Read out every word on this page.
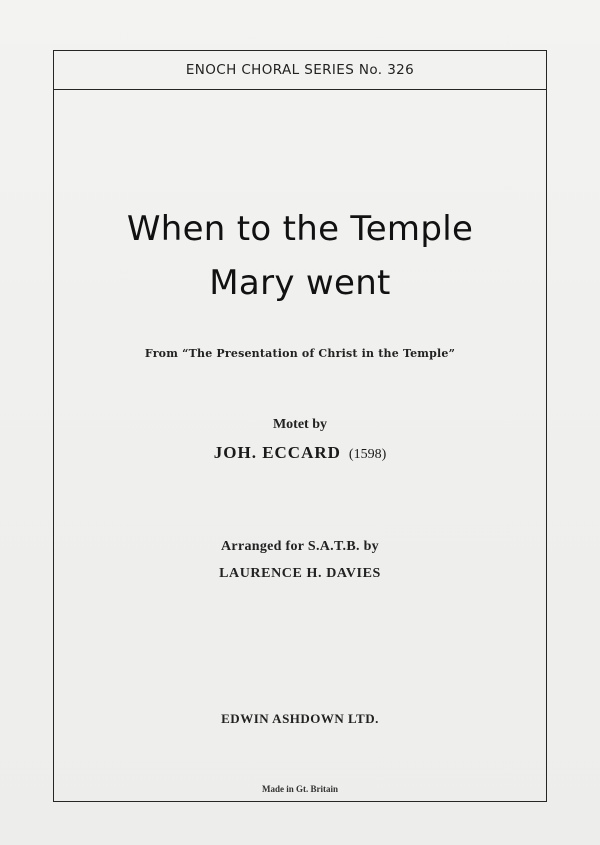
ENOCH CHORAL SERIES No. 326
When to the Temple
Mary went
From “The Presentation of Christ in the Temple”
Motet by
JOH. ECCARD (1598)
Arranged for S.A.T.B. by
LAURENCE H. DAVIES
EDWIN ASHDOWN LTD.
Made in Gt. Britain
